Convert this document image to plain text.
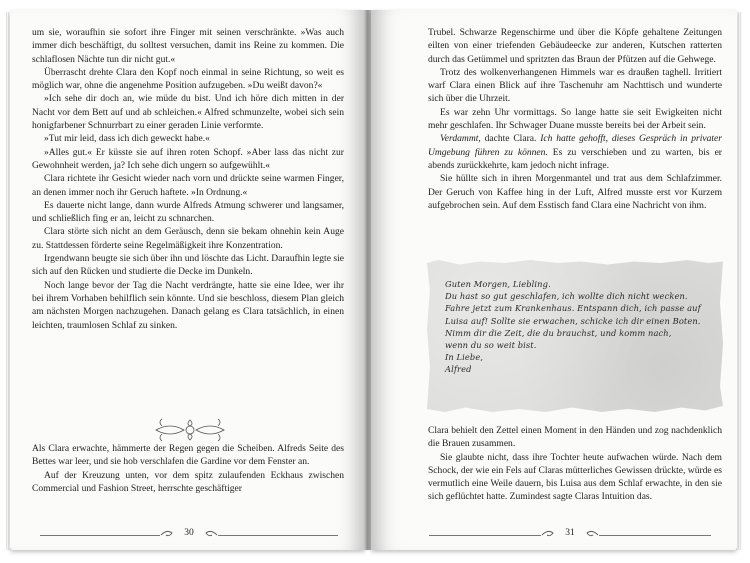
um sie, woraufhin sie sofort ihre Finger mit seinen verschränkte. »Was auch immer dich beschäftigt, du solltest versuchen, damit ins Reine zu kommen. Die schlaflosen Nächte tun dir nicht gut.«

Überrascht drehte Clara den Kopf noch einmal in seine Richtung, so weit es möglich war, ohne die angenehme Position aufzugeben. »Du weißt davon?«

»Ich sehe dir doch an, wie müde du bist. Und ich höre dich mitten in der Nacht vor dem Bett auf und ab schleichen.« Alfred schmunzelte, wobei sich sein honigfarbener Schnurrbart zu einer geraden Linie verformte.

»Tut mir leid, dass ich dich geweckt habe.«

»Alles gut.« Er küsste sie auf ihren roten Schopf. »Aber lass das nicht zur Gewohnheit werden, ja? Ich sehe dich ungern so aufgewühlt.«

Clara richtete ihr Gesicht wieder nach vorn und drückte seine warmen Finger, an denen immer noch ihr Geruch haftete. »In Ordnung.«

Es dauerte nicht lange, dann wurde Alfreds Atmung schwerer und langsamer, und schließlich fing er an, leicht zu schnarchen.

Clara störte sich nicht an dem Geräusch, denn sie bekam ohnehin kein Auge zu. Stattdessen förderte seine Regelmäßigkeit ihre Konzentration.

Irgendwann beugte sie sich über ihn und löschte das Licht. Daraufhin legte sie sich auf den Rücken und studierte die Decke im Dunkeln.

Noch lange bevor der Tag die Nacht verdrängte, hatte sie eine Idee, wer ihr bei ihrem Vorhaben behilflich sein könnte. Und sie beschloss, diesem Plan gleich am nächsten Morgen nachzugehen. Danach gelang es Clara tatsächlich, in einen leichten, traumlosen Schlaf zu sinken.

Als Clara erwachte, hämmerte der Regen gegen die Scheiben. Alfreds Seite des Bettes war leer, und sie hob verschlafen die Gardine vor dem Fenster an.

Auf der Kreuzung unten, vor dem spitz zulaufenden Eckhaus zwischen Commercial und Fashion Street, herrschte geschäftiger

30

Trubel. Schwarze Regenschirme und über die Köpfe gehaltene Zeitungen eilten von einer triefenden Gebäudeecke zur anderen, Kutschen ratterten durch das Getümmel und spritzten das Braun der Pfützen auf die Gehwege.

Trotz des wolkenverhangenen Himmels war es draußen taghell. Irritiert warf Clara einen Blick auf ihre Taschenuhr am Nachttisch und wunderte sich über die Uhrzeit.

Es war zehn Uhr vormittags. So lange hatte sie seit Ewigkeiten nicht mehr geschlafen. Ihr Schwager Duane musste bereits bei der Arbeit sein.

Verdammt, dachte Clara. Ich hatte gehofft, dieses Gespräch in privater Umgebung führen zu können. Es zu verschieben und zu warten, bis er abends zurückkehrte, kam jedoch nicht infrage.

Sie hüllte sich in ihren Morgenmantel und trat aus dem Schlafzimmer. Der Geruch von Kaffee hing in der Luft, Alfred musste erst vor Kurzem aufgebrochen sein. Auf dem Esstisch fand Clara eine Nachricht von ihm.

Guten Morgen, Liebling.
Du hast so gut geschlafen, ich wollte dich nicht wecken.
Fahre jetzt zum Krankenhaus. Entspann dich, ich passe auf
Luisa auf! Sollte sie erwachen, schicke ich dir einen Boten.
Nimm dir die Zeit, die du brauchst, und komm nach,
wenn du so weit bist.
In Liebe,
Alfred

Clara behielt den Zettel einen Moment in den Händen und zog nachdenklich die Brauen zusammen.

Sie glaubte nicht, dass ihre Tochter heute aufwachen würde. Nach dem Schock, der wie ein Fels auf Claras mütterliches Gewissen drückte, würde es vermutlich eine Weile dauern, bis Luisa aus dem Schlaf erwachte, in den sie sich geflüchtet hatte. Zumindest sagte Claras Intuition das.

31
